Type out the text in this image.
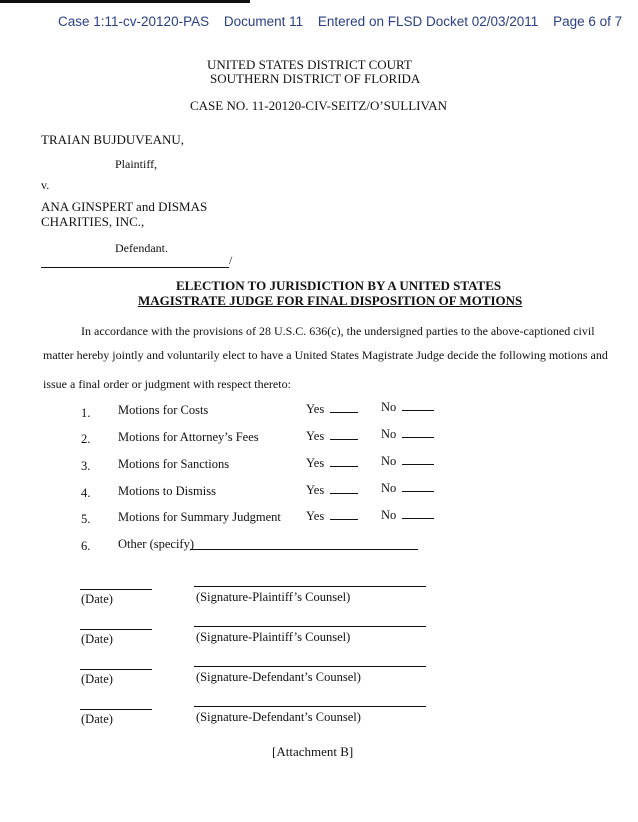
Case 1:11-cv-20120-PAS Document 11 Entered on FLSD Docket 02/03/2011 Page 6 of 7
UNITED STATES DISTRICT COURT
SOUTHERN DISTRICT OF FLORIDA
CASE NO. 11-20120-CIV-SEITZ/O’SULLIVAN
TRAIAN BUJDUVEANU,
Plaintiff,
v.
ANA GINSPERT and DISMAS
CHARITIES, INC.,
Defendant.
/
ELECTION TO JURISDICTION BY A UNITED STATES
MAGISTRATE JUDGE FOR FINAL DISPOSITION OF MOTIONS
In accordance with the provisions of 28 U.S.C. 636(c), the undersigned parties to the above-captioned civil
matter hereby jointly and voluntarily elect to have a United States Magistrate Judge decide the following motions and
issue a final order or judgment with respect thereto:
1. Motions for Costs	Yes	No
2. Motions for Attorney’s Fees	Yes	No
3. Motions for Sanctions	Yes	No
4. Motions to Dismiss	Yes	No
5. Motions for Summary Judgment Yes	No
6. Other (specify)
(Date)	(Signature-Plaintiff’s Counsel)
(Date)	(Signature-Plaintiff’s Counsel)
(Date)	(Signature-Defendant’s Counsel)
(Date)	(Signature-Defendant’s Counsel)
[Attachment B]
